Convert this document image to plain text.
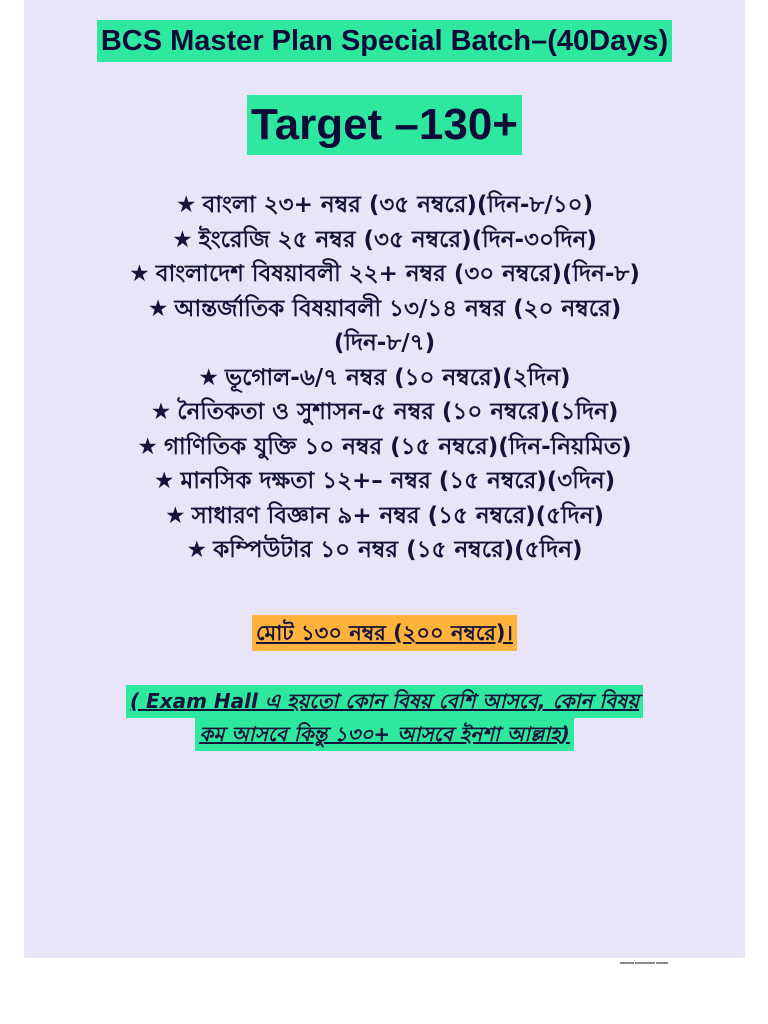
BCS Master Plan Special Batch–(40Days)
Target –130+
★ বাংলা ২৩+ নম্বর (৩৫ নম্বরে)(দিন-৮/১০)
★ ইংরেজি ২৫ নম্বর (৩৫ নম্বরে)(দিন-৩০দিন)
★ বাংলাদেশ বিষয়াবলী ২২+ নম্বর (৩০ নম্বরে)(দিন-৮)
★ আন্তর্জাতিক বিষয়াবলী ১৩/১৪ নম্বর (২০ নম্বরে)
(দিন-৮/৭)
★ ভূগোল-৬/৭ নম্বর (১০ নম্বরে)(২দিন)
★ নৈতিকতা ও সুশাসন-৫ নম্বর (১০ নম্বরে)(১দিন)
★ গাণিতিক যুক্তি ১০ নম্বর (১৫ নম্বরে)(দিন-নিয়মিত)
★ মানসিক দক্ষতা ১২+– নম্বর (১৫ নম্বরে)(৩দিন)
★ সাধারণ বিজ্ঞান ৯+ নম্বর (১৫ নম্বরে)(৫দিন)
★ কম্পিউটার ১০ নম্বর (১৫ নম্বরে)(৫দিন)
মোট ১৩০ নম্বর (২০০ নম্বরে)।

( Exam Hall এ হয়তো কোন বিষয় বেশি আসবে, কোন বিষয়

কম আসবে কিন্তু ১৩০+ আসবে ইনশা আল্লাহ)
